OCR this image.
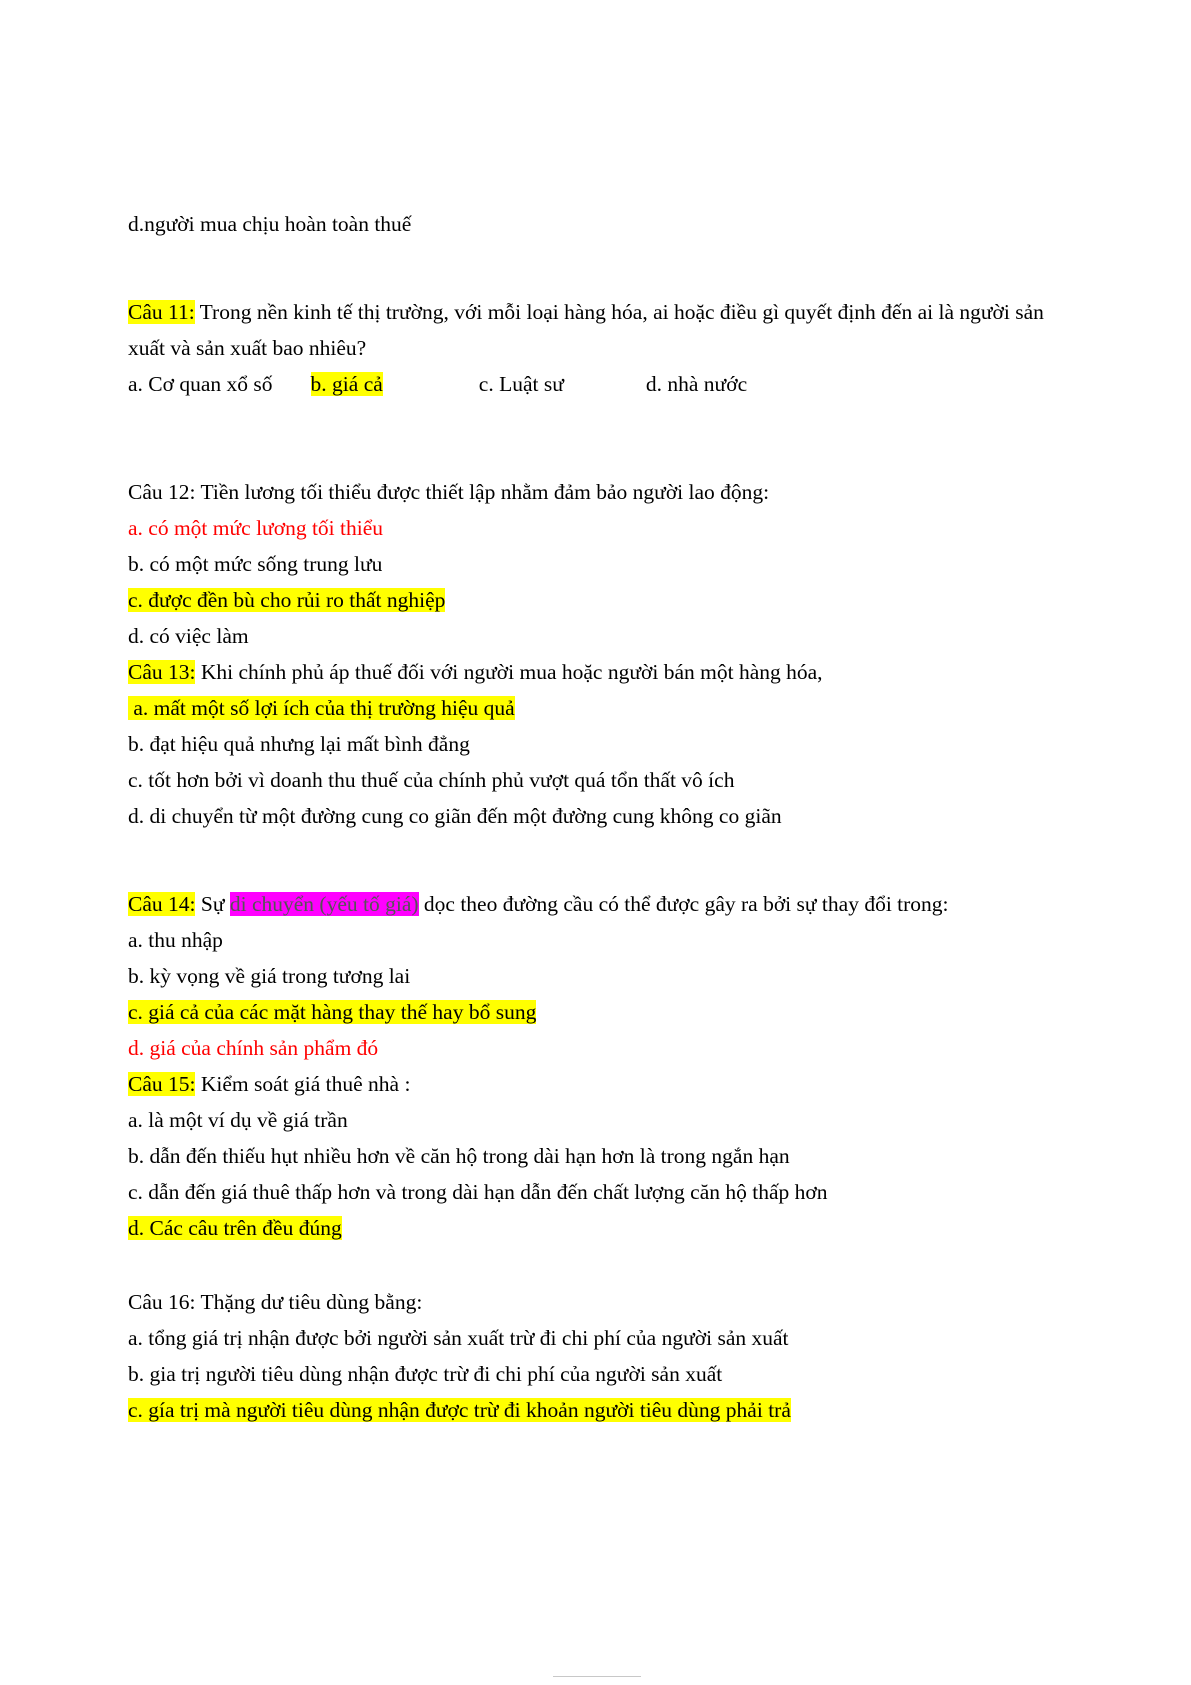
d.người mua chịu hoàn toàn thuế
Câu 11: Trong nền kinh tế thị trường, với mỗi loại hàng hóa, ai hoặc điều gì quyết định đến ai là người sản xuất và sản xuất bao nhiêu?
a. Cơ quan xổ số b. giá cả	c. Luật sư	d. nhà nước
Câu 12: Tiền lương tối thiểu được thiết lập nhằm đảm bảo người lao động:
a. có một mức lương tối thiểu
b. có một mức sống trung lưu
c. được đền bù cho rủi ro thất nghiệp
d. có việc làm
Câu 13: Khi chính phủ áp thuế đối với người mua hoặc người bán một hàng hóa,
a. mất một số lợi ích của thị trường hiệu quả
b. đạt hiệu quả nhưng lại mất bình đẳng
c. tốt hơn bởi vì doanh thu thuế của chính phủ vượt quá tổn thất vô ích
d. di chuyển từ một đường cung co giãn đến một đường cung không co giãn
Câu 14: Sự di chuyển (yếu tố giá) dọc theo đường cầu có thể được gây ra bởi sự thay đổi trong:
a. thu nhập
b. kỳ vọng về giá trong tương lai
c. giá cả của các mặt hàng thay thế hay bổ sung
d. giá của chính sản phẩm đó
Câu 15: Kiểm soát giá thuê nhà :
a. là một ví dụ về giá trần
b. dẫn đến thiếu hụt nhiều hơn về căn hộ trong dài hạn hơn là trong ngắn hạn
c. dẫn đến giá thuê thấp hơn và trong dài hạn dẫn đến chất lượng căn hộ thấp hơn
d. Các câu trên đều đúng
Câu 16: Thặng dư tiêu dùng bằng:
a. tổng giá trị nhận được bởi người sản xuất trừ đi chi phí của người sản xuất
b. gia trị người tiêu dùng nhận được trừ đi chi phí của người sản xuất
c. gía trị mà người tiêu dùng nhận được trừ đi khoản người tiêu dùng phải trả
